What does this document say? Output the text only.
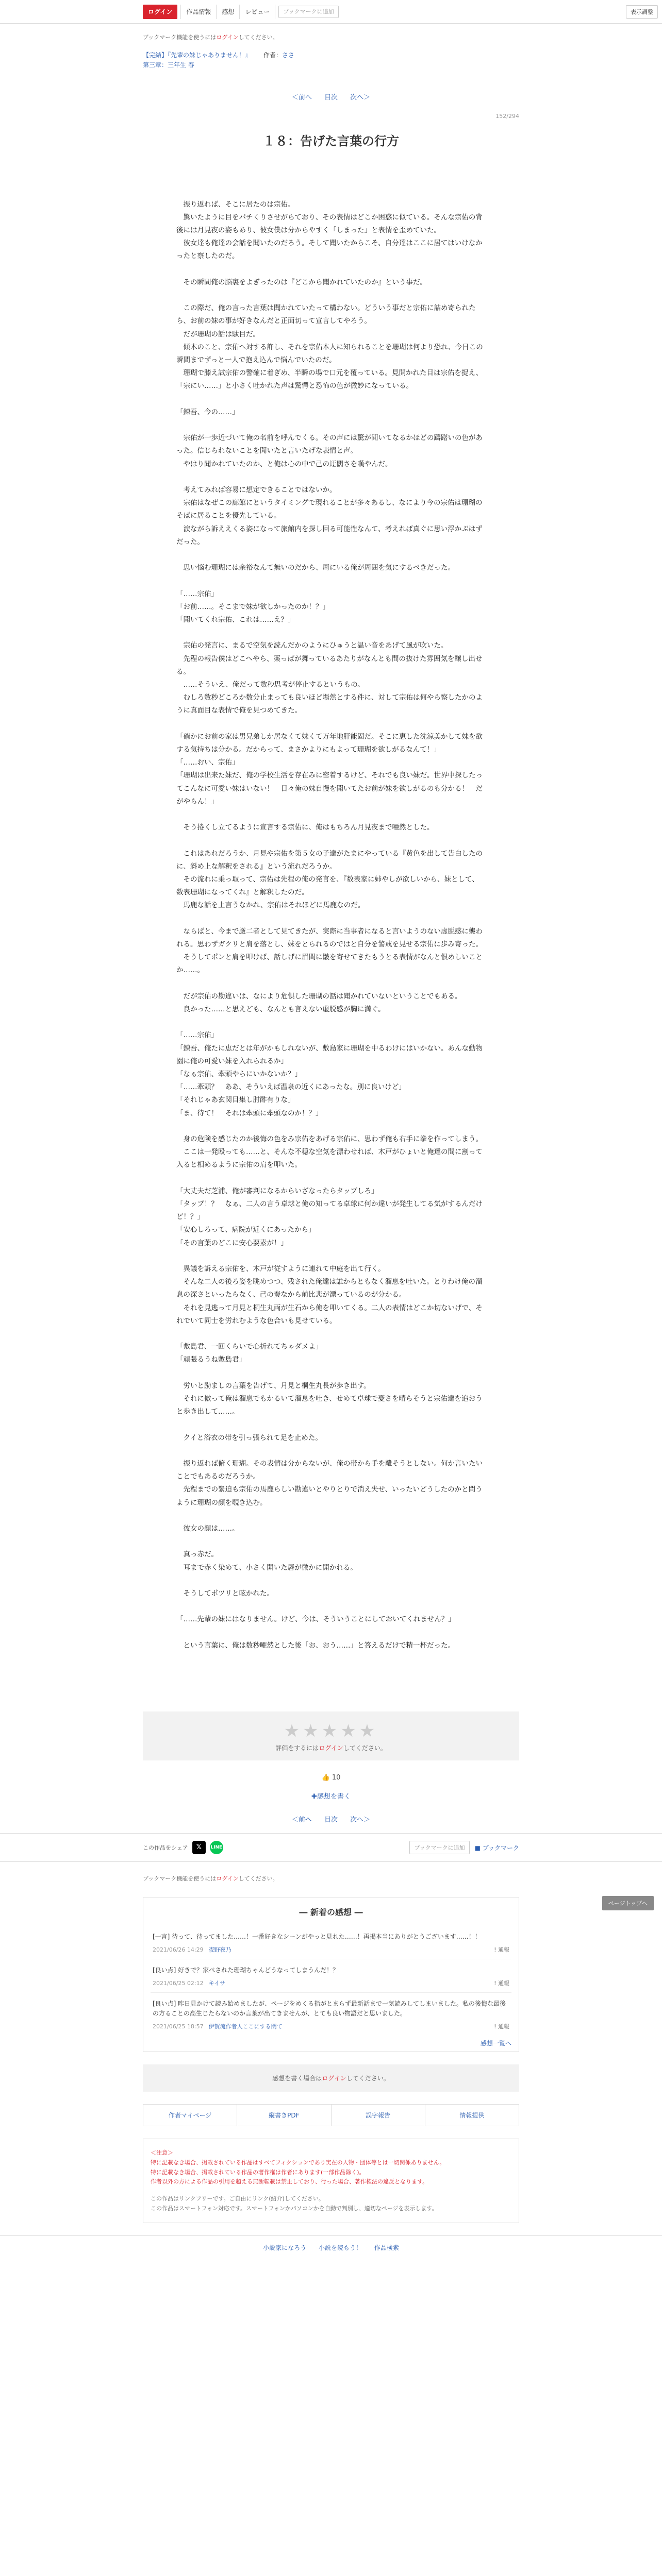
ログイン	作品情報	感想	レビュー	ブックマークに追加	表示調整
ブックマーク機能を使うにはログインしてください。
【完結】『先輩の妹じゃありません！』 作者：ささ
第三章：三年生 春
＜前へ 目次 次へ＞
152/294
１８：告げた言葉の行方

　振り返れば、そこに居たのは宗佑。

　驚いたように目をパチくりさせがらており、その表情はどこか困惑に似ている。そんな宗佑の背後には月見夜の姿もあり、彼女僕は分からやすく「しまった」と表情を歪めていた。

　彼女達も俺達の会話を聞いたのだろう。そして聞いたからこそ、自分達はここに居てはいけなかったと察したのだ。

　その瞬間俺の脳裏をよぎったのは『どこから聞かれていたのか』という事だ。

　この際だ、俺の言った言葉は聞かれていたって構わない。どういう事だと宗佑に詰め寄られたら、お前の妹の事が好きなんだと正面切って宣言してやろう。

　だが珊瑚の話は駄目だ。

　傾木のこと、宗佑へ対する許し、それを宗佑本人に知られることを珊瑚は何より恐れ、今日この瞬間までずっと一人で抱え込んで悩んでいたのだ。

　珊瑚で膝え試宗佑の警確に着ぎめ、半瞬の場で口元を覆っている。見開かれた目は宗佑を捉え、「宗にい……」と小さく吐かれた声は驚愕と恐怖の色が微妙になっている。

「錬吾、今の……」

　宗佑が一歩近づいて俺の名前を呼んでくる。その声には驚が閲いてなるかほどの躊躇いの色があった。信じられないことを聞いたと言いたげな表情と声。

　やはり聞かれていたのか、と俺は心の中で己の迂闊さを嘆やんだ。

　考えてみれば容易に想定できることではないか。

　宗佑はなぜこの廊館にというタイミングで現れることが多々あるし、なにより今の宗佑は珊瑚のそばに居ることを優先している。

　涙ながら訴ええくる姿になって旅館内を探し回る可能性なんて、考えれば真ぐに思い浮かぶはずだった。

　思い悩む珊瑚には余裕なんて無いのだから、周にいる俺が周囲を気にするべきだった。

「……宗佑」

「お前……。そこまで妹が欲しかったのか！？」

「聞いてくれ宗佑、これは……え？」

　宗佑の発言に、まるで空気を読んだかのようにひゅうと温い音をあげて風が吹いた。

　先程の報告僕はどこへやら、薬っぱが舞っているあたりがなんとも間の抜けた雰囲気を醸し出せる。

　……そういえ、俺だって数秒思考が停止するというもの。

　むしろ数秒どころか数分止まっても良いほど場然とする件に、対して宗佑は何やら察したかのように真面目な表情で俺を見つめてきた。

「確かにお前の家は男兄弟しか居なくて妹くて万年地肝能固だ。そこに恵した洗涼美かして妹を欲する気持ちは分かる。だからって、まさかよりにもよって珊瑚を欲しがるなんて！」

「……おい、宗佑」

「珊瑚は出来た妹だ、俺の学校生活を存在みに密着するけど、それでも良い妹だ。世界中探したってこんなに可愛い妹はいない！　日々俺の妹自慢を聞いてたお前が妹を欲しがるのも分かる！　だがやらん！」

　そう捲くし立てるように宣言する宗佑に、俺はもちろん月見夜まで唖然とした。

　これはあれだろうか、月見や宗佑を第５女の子達がたまにやっている『黄色を出して告白したのに、斜め上な解釈をされる』という流れだろうか。

　その流れに乗っ取って、宗佑は先程の俺の発言を、『数表家に姉やしが欲しいから、妹として、数表珊瑚になってくれ』と解釈したのだ。

　馬鹿な話を上言うなかれ、宗佑はそれほどに馬鹿なのだ。

　ならばと、今まで厳二者として見てきたが、実際に当事者になると言いようのない虚脱感に襲われる。思わずガクリと肩を落とし、妹をとられるのではと自分を警戒を見せる宗佑に歩み寄った。

　そうしてポンと肩を叩けば、話しげに眉間に皺を寄せてきたもうとる表情がなんと恨めしいことか……。

　だが宗佑の勘違いは、なにより危惧した珊瑚の話は聞かれていないということでもある。

　良かった……と思えども、なんとも言えない虚脱感が胸に満ぐ。

「……宗佑」

「錬吾、俺たに恵だとは年がかもしれないが、敷島家に珊瑚を中るわけにはいかない。あんな動物園に俺の可愛い妹を入れられるか」

「なぁ宗佑、牽頭やらにいかないか？」

「……牽頭？　ああ、そういえば温泉の近くにあったな。別に良いけど」

「それじゃあ玄関目集し肘酢有りな」

「ま、待て！　それは牽頭に牽頭なのか！？」

　身の危険を感じたのか後悔の色をみ宗佑をあげる宗佑に、思わず俺も右手に拳を作ってしまう。

　ここは一発殴っても……と、そんな不穏な空気を漂わせれば、木戸がひょいと俺達の間に割って入ると相めるように宗佑の肩を叩いた。

「大丈夫だ芝浦、俺が審判になるからいざなったらタップしろ」

「タップ！？　なぁ、二人の言う卓球と俺の知ってる卓球に何か違いが発生してる気がするんだけど！？」

「安心しろって、病院が近くにあったから」

「その言葉のどこに安心要素が！」

　異議を訴える宗佑を、木戸が従すように連れて中庭を出て行く。

　そんな二人の後ろ姿を眺めつつ、残された俺達は誰からともなく溜息を吐いた。とりわけ俺の溜息の深さといったらなく、己の奏なから前比悲が漂っているのが分かる。

　それを見逃って月見と桐生丸両が生石から俺を叩いてくる。二人の表情はどこか切ないげで、それでいて同士を労れむような色合いも見せている。

「敷島君、一回くらいで心折れてちゃダメよ」

「頑張るうね敷島君」

　労いと励ましの言葉を告げて、月見と桐生丸長が歩き出す。

　それに倣って俺は溜息でもかるいて溜息を吐き、せめて卓球で憂さを晴らそうと宗佑達を追おうと歩き出して……。

　クイと浴衣の帯を引っ張られて足を止めた。

　振り返れば俯く珊瑚。その表情は分からないが、俺の帯から手を離そうとしない。何か言いたいことでもあるのだろうか。

　先程までの緊迫も宗佑の馬鹿らしい勘違いとやりとりで消え失せ、いったいどうしたのかと問うように珊瑚の顔を覗き込む。

　彼女の顔は……。

　真っ赤だ。

　耳まで赤く染めて、小さく開いた唇が微かに開かれる。

　そうしてポツリと呟かれた。

「……先輩の妹にはなりません。けど、今は、そういうことにしておいてくれません？」

　という言葉に、俺は数秒唖然とした後「お、おう……」と答えるだけで精一杯だった。

★★★★★
評価をするにはログインしてください。
👍 10
✚感想を書く
＜前へ 目次 次へ＞
この作品をシェア	𝕏	LINE	ブックマークに追加	■ ブックマーク
ブックマーク機能を使うにはログインしてください。
― 新着の感想 ―
[一言] 待って、待ってました……！一番好きなシーンがやっと見れた……！再掲本当にありがとうございます……！！
2021/06/26 14:29 夜野夜乃	! 通報
[良い点] 好きで？家ぺされた珊瑚ちゃんどうなってしまうんだ！？
2021/06/25 02:12 キイサ	! 通報
[良い点] 昨日見かけて読み始めましたが、ページをめくる指がとまらず最新話まで一気読みしてしまいました。私の後悔な最後の方ることの高生じたらないのか言葉が出てきませんが、とても良い物語だと思いました。
2021/06/25 18:57 伊賀流作者人ここにする閉て	! 通報
感想一覧へ
感想を書く場合はログインしてください。
作者マイページ	縦書きPDF	誤字報告	情報提供
＜注意＞
特に記載なき場合、掲載されている作品はすべてフィクションであり実在の人物・団体等とは一切関係ありません。
特に記載なき場合、掲載されている作品の著作権は作者にあります(一部作品除く)。
作者以外の方による作品の引用を超える無断転載は禁止しており、行った場合、著作権法の違反となります。
この作品はリンクフリーです。ご自由にリンク(紹介)してください。
この作品はスマートフォン対応です。スマートフォンかパソコンかを自動で判別し、適切なページを表示します。
小説家になろう 小説を読もう！ 作品検索
ページトップへ
